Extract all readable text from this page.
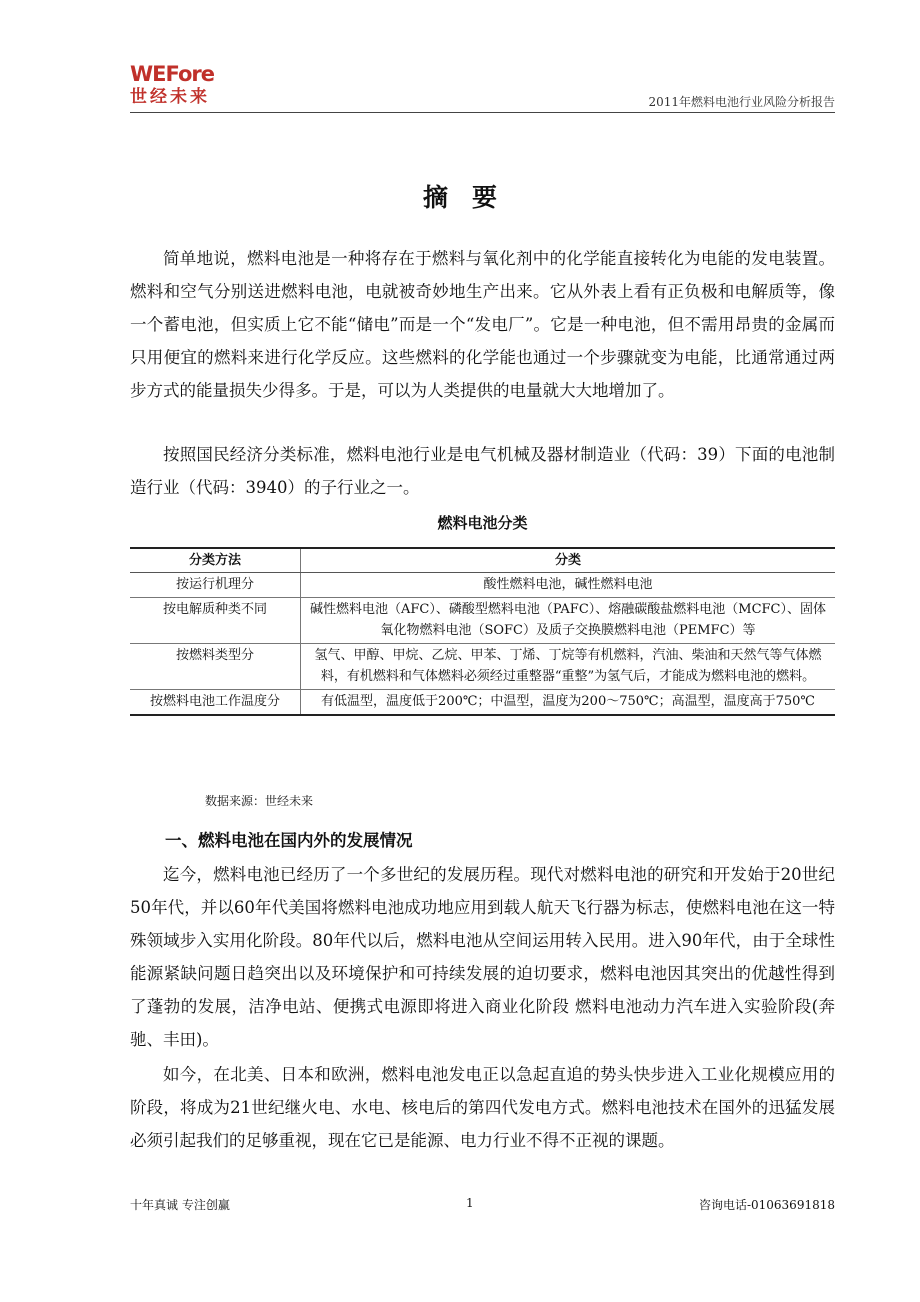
WEFore
世经未来	2011年燃料电池行业风险分析报告
摘要

简单地说，燃料电池是一种将存在于燃料与氧化剂中的化学能直接转化为电能的发电装置。燃料和空气分别送进燃料电池，电就被奇妙地生产出来。它从外表上看有正负极和电解质等，像一个蓄电池，但实质上它不能“储电”而是一个“发电厂”。它是一种电池，但不需用昂贵的金属而只用便宜的燃料来进行化学反应。这些燃料的化学能也通过一个步骤就变为电能，比通常通过两步方式的能量损失少得多。于是，可以为人类提供的电量就大大地增加了。

按照国民经济分类标准，燃料电池行业是电气机械及器材制造业（代码：39）下面的电池制造行业（代码：3940）的子行业之一。

燃料电池分类
分类方法	分类
按运行机理分	酸性燃料电池，碱性燃料电池
按电解质种类不同	碱性燃料电池（AFC）、磷酸型燃料电池（PAFC）、熔融碳酸盐燃料电池（MCFC）、固体氧化物燃料电池（SOFC）及质子交换膜燃料电池（PEMFC）等
按燃料类型分	氢气、甲醇、甲烷、乙烷、甲苯、丁烯、丁烷等有机燃料，汽油、柴油和天然气等气体燃料，有机燃料和气体燃料必须经过重整器“重整”为氢气后，才能成为燃料电池的燃料。
按燃料电池工作温度分	有低温型，温度低于200℃；中温型，温度为200～750℃；高温型，温度高于750℃
数据来源：世经未来
一、燃料电池在国内外的发展情况

迄今，燃料电池已经历了一个多世纪的发展历程。现代对燃料电池的研究和开发始于20世纪50年代，并以60年代美国将燃料电池成功地应用到载人航天飞行器为标志，使燃料电池在这一特殊领域步入实用化阶段。80年代以后，燃料电池从空间运用转入民用。进入90年代，由于全球性能源紧缺问题日趋突出以及环境保护和可持续发展的迫切要求，燃料电池因其突出的优越性得到了蓬勃的发展，洁净电站、便携式电源即将进入商业化阶段 燃料电池动力汽车进入实验阶段(奔驰、丰田)。

如今，在北美、日本和欧洲，燃料电池发电正以急起直追的势头快步进入工业化规模应用的阶段，将成为21世纪继火电、水电、核电后的第四代发电方式。燃料电池技术在国外的迅猛发展必须引起我们的足够重视，现在它已是能源、电力行业不得不正视的课题。

十年真诚 专注创赢	1	咨询电话-01063691818
